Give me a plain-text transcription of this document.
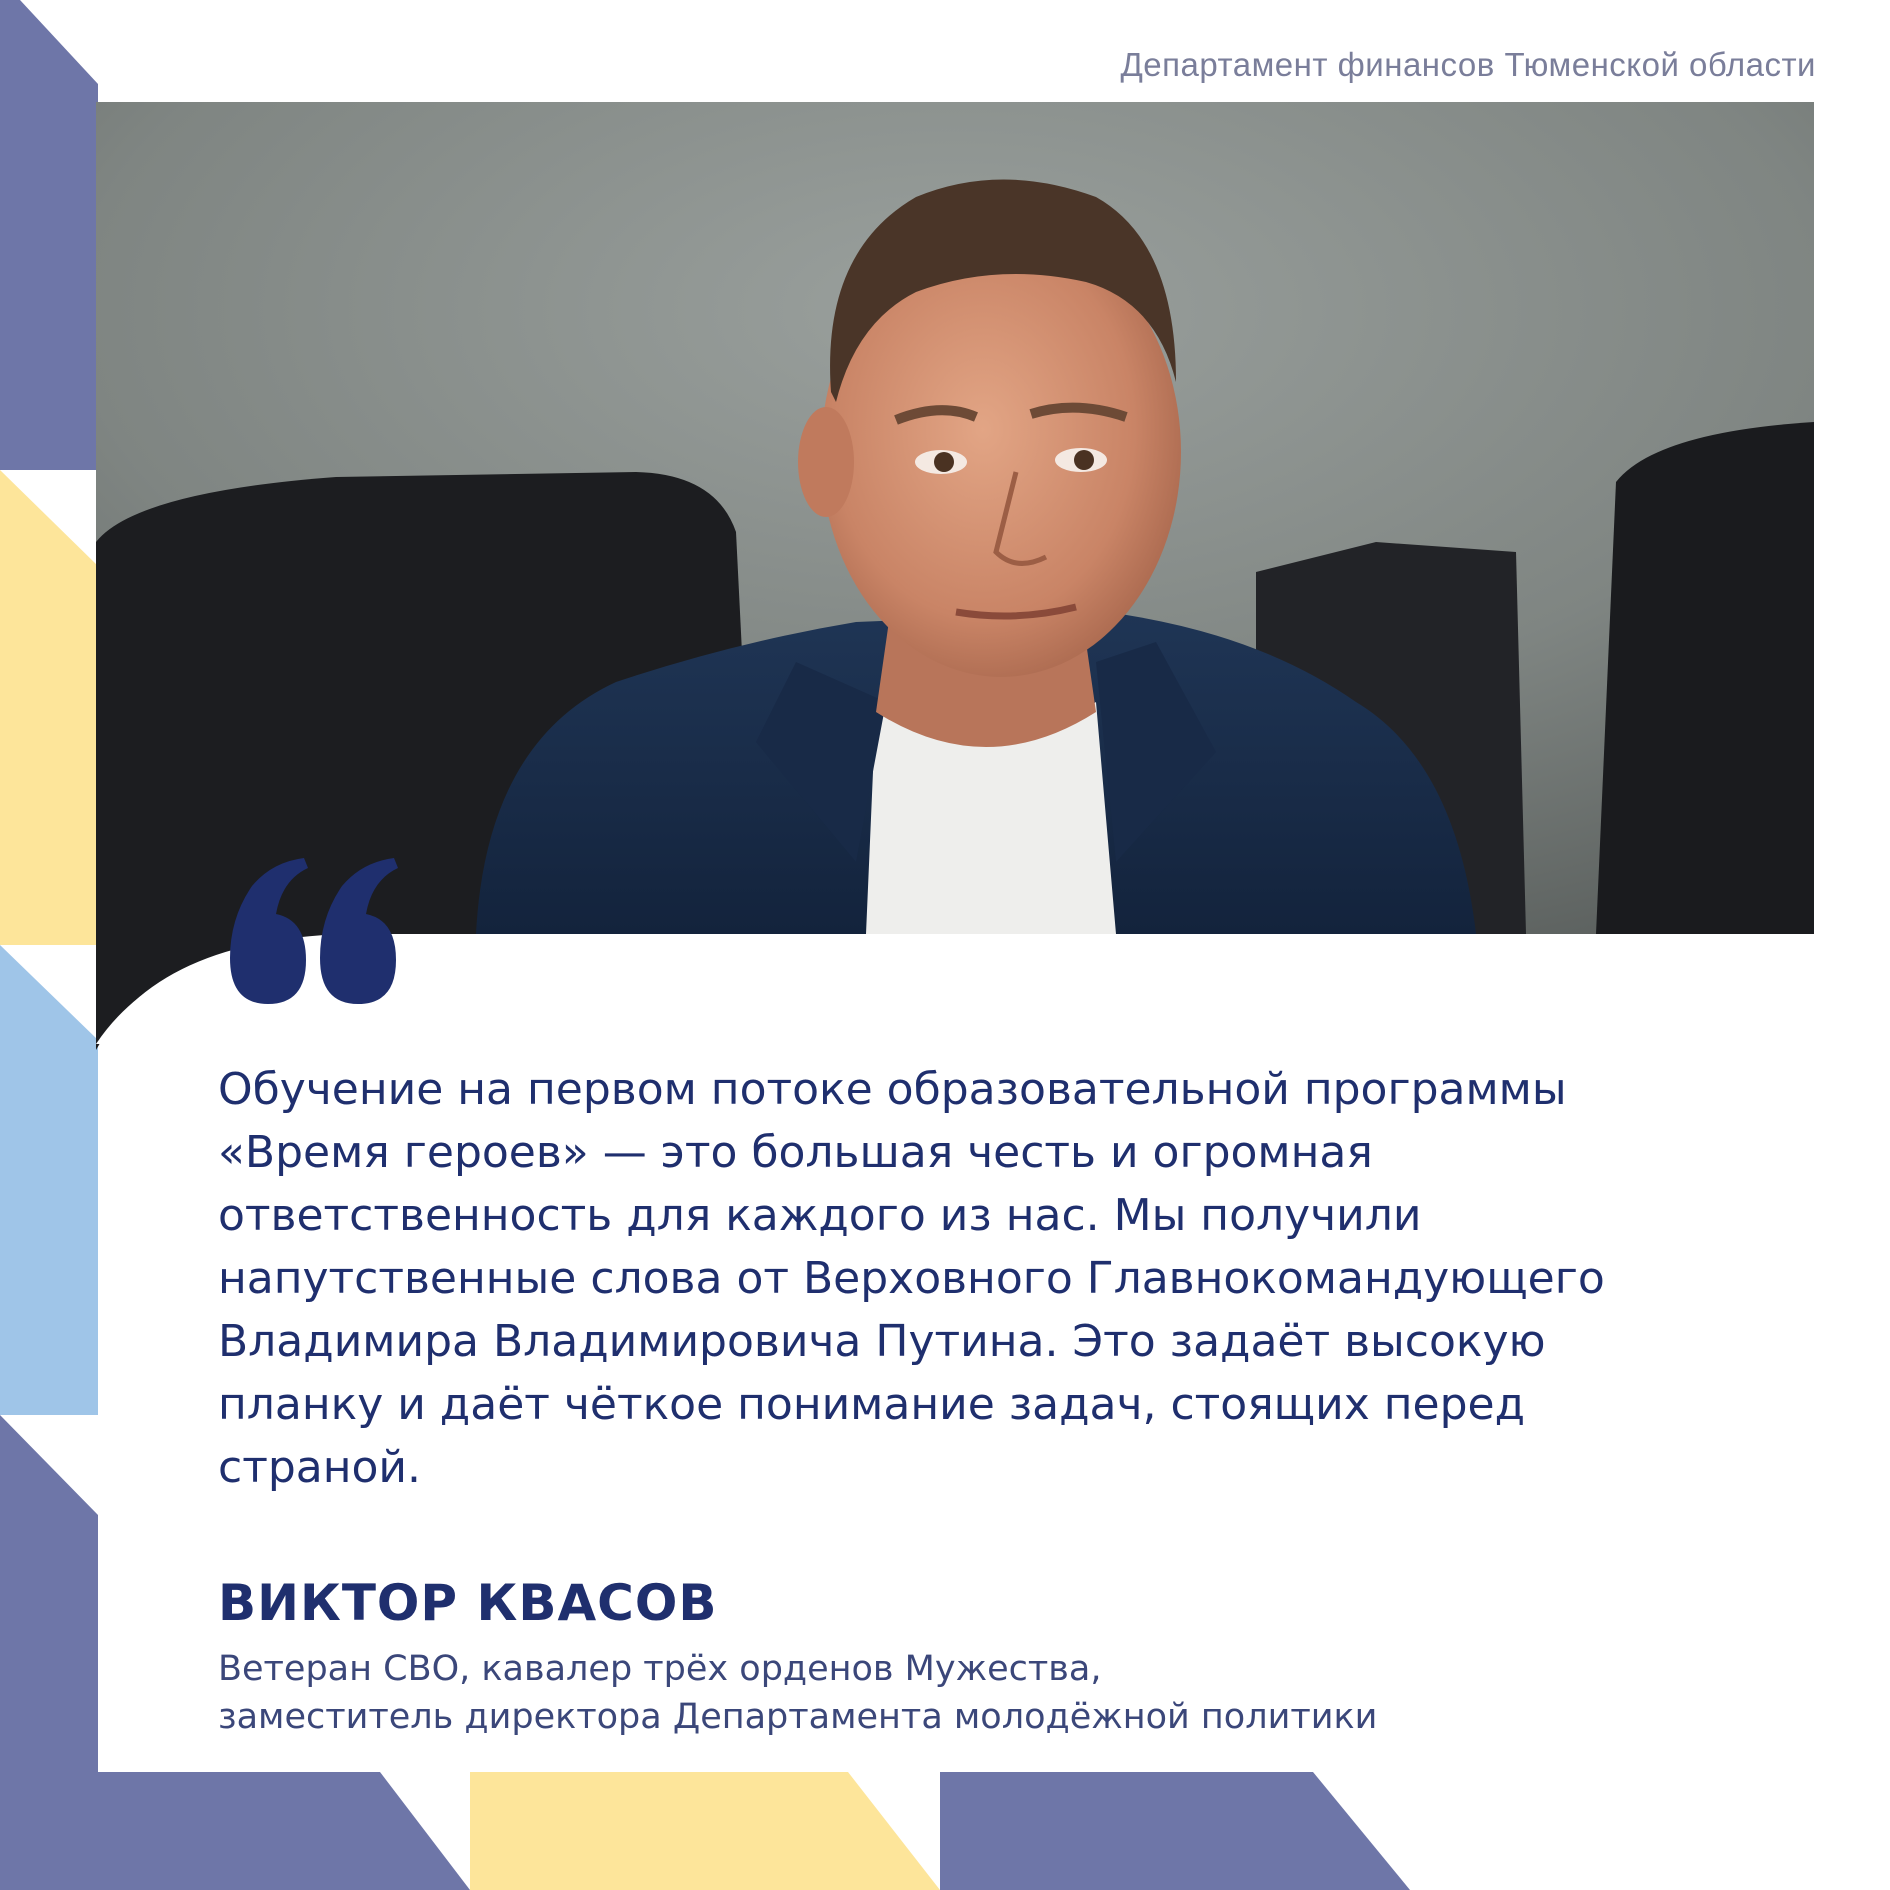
Департамент финансов Тюменской области
Обучение на первом потоке образовательной программы
«Время героев» — это большая честь и огромная
ответственность для каждого из нас. Мы получили
напутственные слова от Верховного Главнокомандующего
Владимира Владимировича Путина. Это задаёт высокую
планку и даёт чёткое понимание задач, стоящих перед
страной.
ВИКТОР КВАСОВ
Ветеран СВО, кавалер трёх орденов Мужества,
заместитель директора Департамента молодёжной политики
